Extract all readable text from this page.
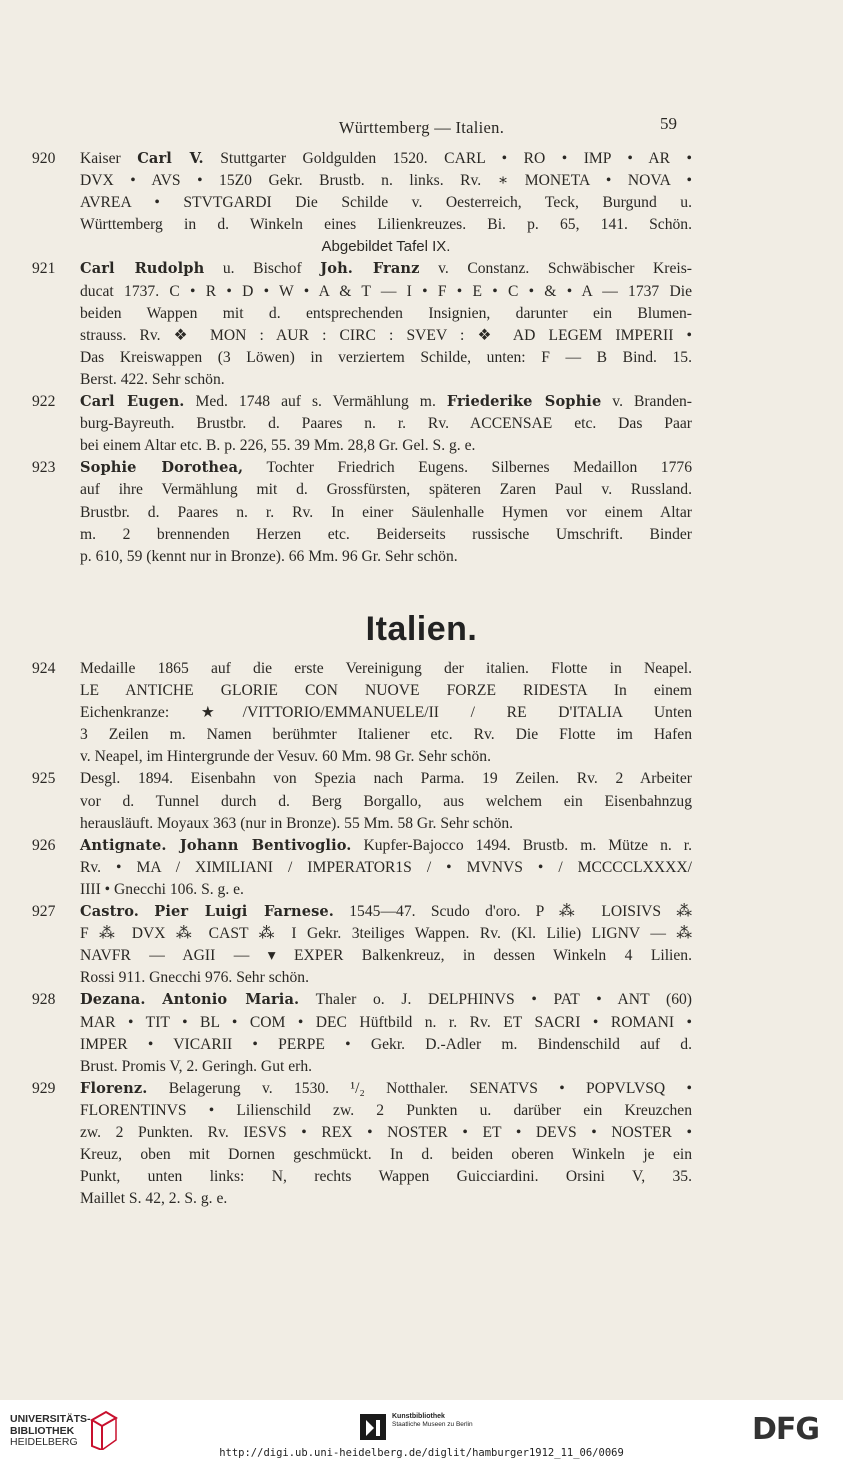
Württemberg — Italien.	59
920	Kaiser Carl V. Stuttgarter Goldgulden 1520. CARL • RO • IMP • AR •
DVX • AVS • 15Z0 Gekr. Brustb. n. links. Rv. ∗ MONETA • NOVA •
AVREA • STVTGARDI Die Schilde v. Oesterreich, Teck, Burgund u.
Württemberg in d. Winkeln eines Lilienkreuzes. Bi. p. 65, 141. Schön.
Abgebildet Tafel IX.
921	Carl Rudolph u. Bischof Joh. Franz v. Constanz. Schwäbischer Kreis-
ducat 1737. C • R • D • W • A & T — I • F • E • C • & • A — 1737 Die
beiden Wappen mit d. entsprechenden Insignien, darunter ein Blumen-
strauss. Rv. ❖ MON : AUR : CIRC : SVEV : ❖ AD LEGEM IMPERII •
Das Kreiswappen (3 Löwen) in verziertem Schilde, unten: F — B Bind. 15.
Berst. 422. Sehr schön.
922	Carl Eugen. Med. 1748 auf s. Vermählung m. Friederike Sophie v. Branden-
burg-Bayreuth. Brustbr. d. Paares n. r. Rv. ACCENSAE etc. Das Paar
bei einem Altar etc. B. p. 226, 55. 39 Mm. 28,8 Gr. Gel. S. g. e.
923	Sophie Dorothea, Tochter Friedrich Eugens. Silbernes Medaillon 1776
auf ihre Vermählung mit d. Grossfürsten, späteren Zaren Paul v. Russland.
Brustbr. d. Paares n. r. Rv. In einer Säulenhalle Hymen vor einem Altar
m. 2 brennenden Herzen etc. Beiderseits russische Umschrift. Binder
p. 610, 59 (kennt nur in Bronze). 66 Mm. 96 Gr. Sehr schön.
Italien.
924	Medaille 1865 auf die erste Vereinigung der italien. Flotte in Neapel.
LE ANTICHE GLORIE CON NUOVE FORZE RIDESTA In einem
Eichenkranze: ★/VITTORIO/EMMANUELE/II / RE D'ITALIA Unten
3 Zeilen m. Namen berühmter Italiener etc. Rv. Die Flotte im Hafen
v. Neapel, im Hintergrunde der Vesuv. 60 Mm. 98 Gr. Sehr schön.
925	Desgl. 1894. Eisenbahn von Spezia nach Parma. 19 Zeilen. Rv. 2 Arbeiter
vor d. Tunnel durch d. Berg Borgallo, aus welchem ein Eisenbahnzug
herausläuft. Moyaux 363 (nur in Bronze). 55 Mm. 58 Gr. Sehr schön.
926	Antignate. Johann Bentivoglio. Kupfer-Bajocco 1494. Brustb. m. Mütze n. r.
Rv. • MA / XIMILIANI / IMPERATOR1S / • MVNVS • / MCCCCLXXXX/
IIII • Gnecchi 106. S. g. e.
927	Castro. Pier Luigi Farnese. 1545—47. Scudo d'oro. P ⁂ LOISIVS ⁂
F ⁂ DVX ⁂ CAST ⁂ I Gekr. 3teiliges Wappen. Rv. (Kl. Lilie) LIGNV — ⁂
NAVFR — AGII — ▾ EXPER Balkenkreuz, in dessen Winkeln 4 Lilien.
Rossi 911. Gnecchi 976. Sehr schön.
928	Dezana. Antonio Maria. Thaler o. J. DELPHINVS • PAT • ANT (60)
MAR • TIT • BL • COM • DEC Hüftbild n. r. Rv. ET SACRI • ROMANI •
IMPER • VICARII • PERPE • Gekr. D.-Adler m. Bindenschild auf d.
Brust. Promis V, 2. Geringh. Gut erh.
929	Florenz. Belagerung v. 1530. ¹/₂ Notthaler. SENATVS • POPVLVSQ •
FLORENTINVS • Lilienschild zw. 2 Punkten u. darüber ein Kreuzchen
zw. 2 Punkten. Rv. IESVS • REX • NOSTER • ET • DEVS • NOSTER •
Kreuz, oben mit Dornen geschmückt. In d. beiden oberen Winkeln je ein
Punkt, unten links: N, rechts Wappen Guicciardini. Orsini V, 35.
Maillet S. 42, 2. S. g. e.
UNIVERSITÄTS-
BIBLIOTHEK
HEIDELBERG
Kunstbibliothek
Staatliche Museen zu Berlin	DFG
http://digi.ub.uni-heidelberg.de/diglit/hamburger1912_11_06/0069
